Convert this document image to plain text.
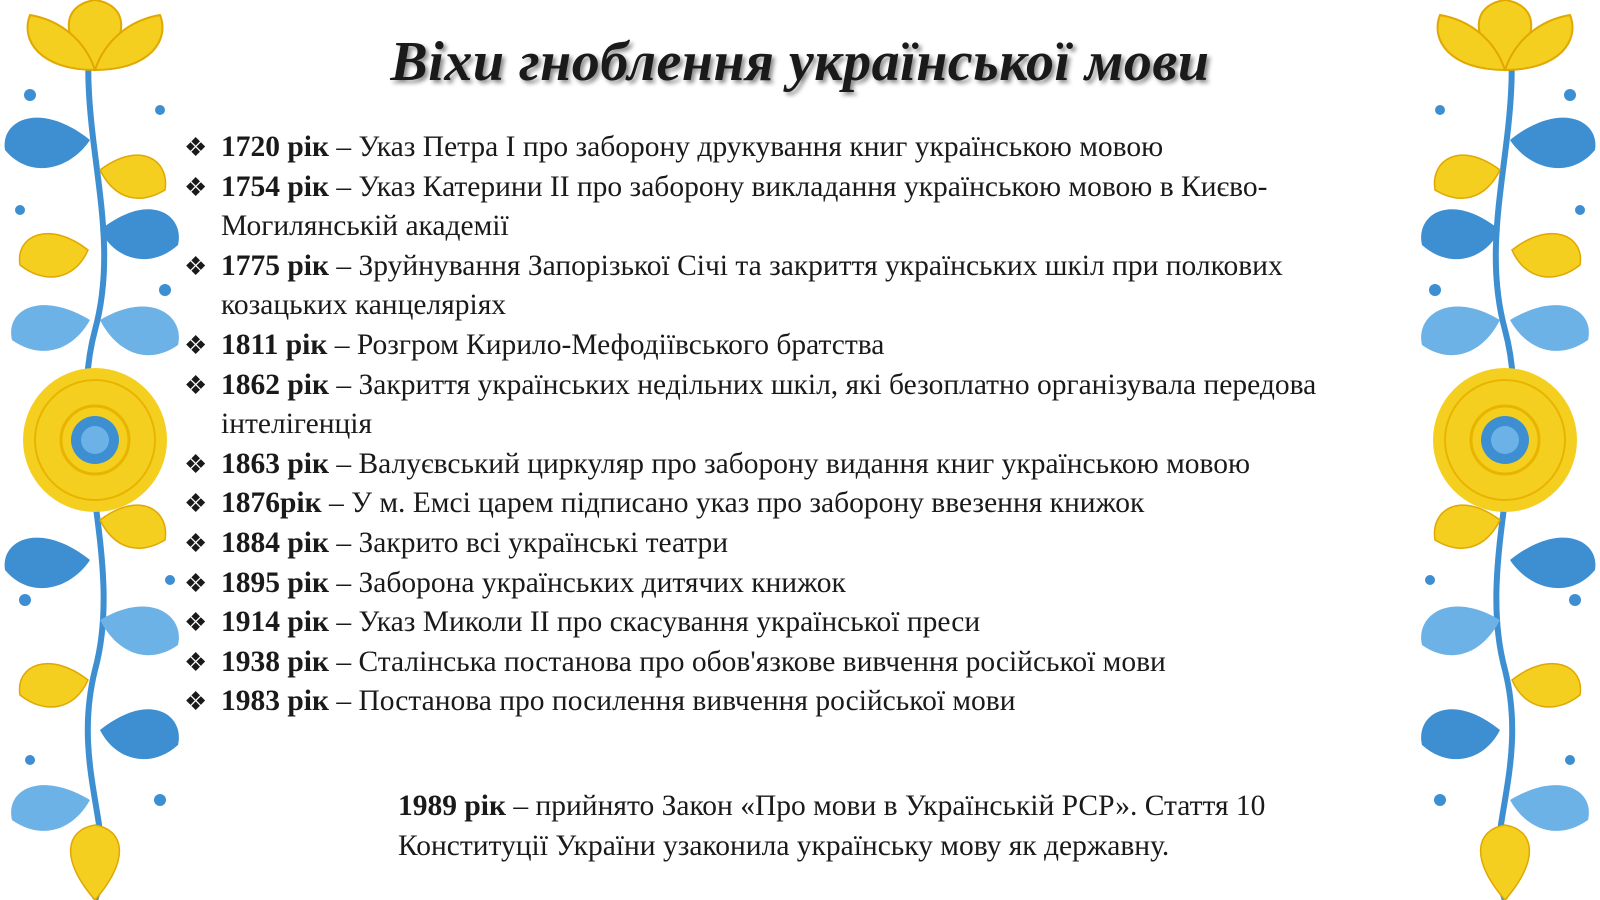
Віхи гноблення української мови
❖ 1720 рік – Указ Петра І про заборону друкування книг українською мовою
❖ 1754 рік – Указ Катерини ІІ про заборону викладання українською мовою в Києво-Могилянській академії
❖ 1775 рік – Зруйнування Запорізької Січі та закриття українських шкіл при полкових козацьких канцеляріях
❖ 1811 рік – Розгром Кирило-Мефодіївського братства
❖ 1862 рік – Закриття українських недільних шкіл, які безоплатно організувала передова інтелігенція
❖ 1863 рік – Валуєвський циркуляр про заборону видання книг українською мовою
❖ 1876рік – У м. Емсі царем підписано указ про заборону ввезення книжок
❖ 1884 рік – Закрито всі українські театри
❖ 1895 рік – Заборона українських дитячих книжок
❖ 1914 рік – Указ Миколи ІІ про скасування української преси
❖ 1938 рік – Сталінська постанова про обов'язкове вивчення російської мови
❖ 1983 рік – Постанова про посилення вивчення російської мови
1989 рік – прийнято Закон «Про мови в Українській РСР». Стаття 10 Конституції України узаконила українську мову як державну.
